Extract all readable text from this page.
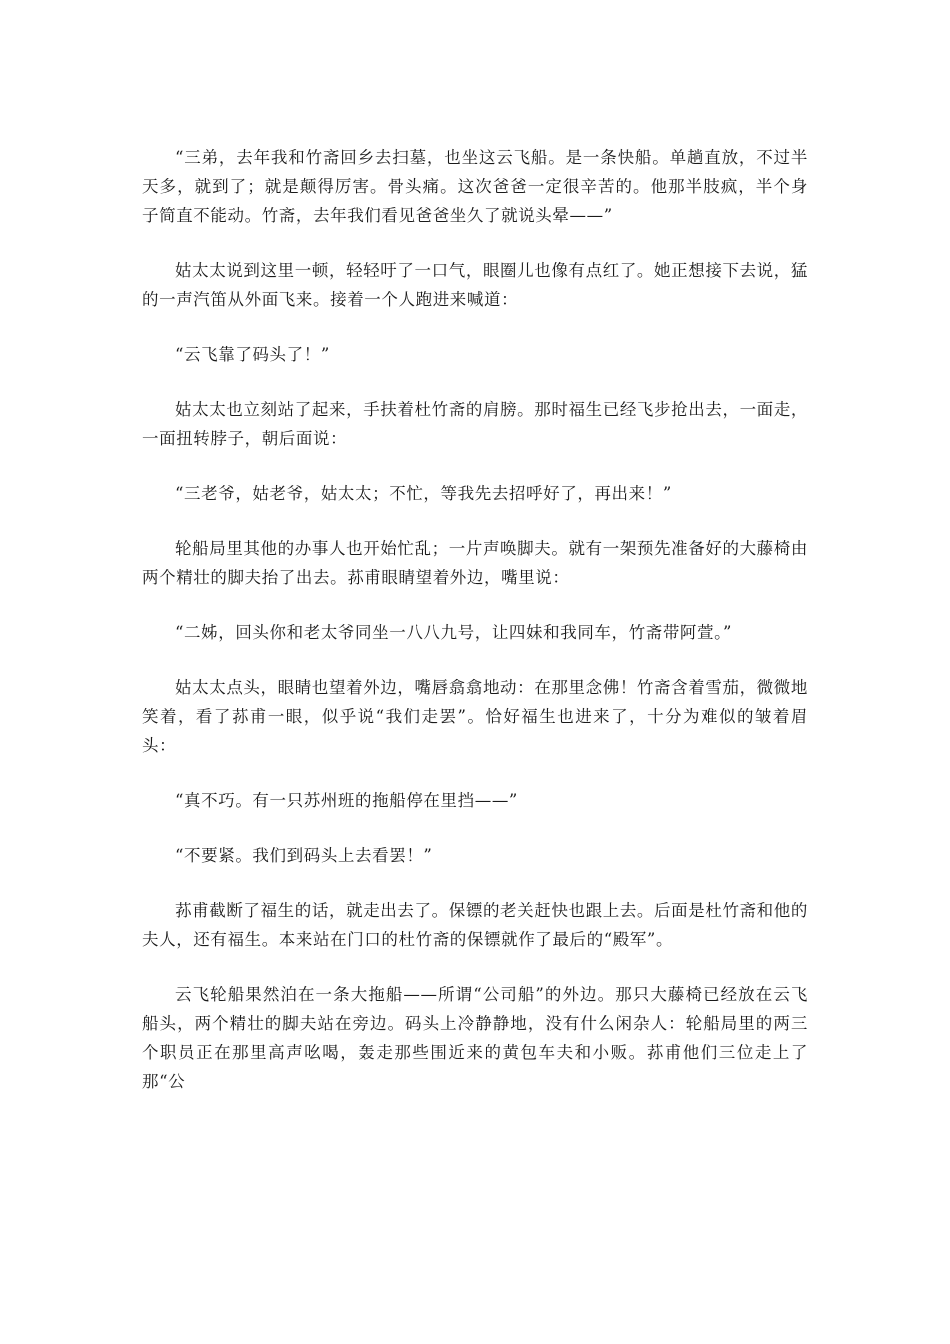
“三弟，去年我和竹斋回乡去扫墓，也坐这云飞船。是一条快船。单趟直放，不过半天多，就到了；就是颠得厉害。骨头痛。这次爸爸一定很辛苦的。他那半肢疯，半个身子简直不能动。竹斋，去年我们看见爸爸坐久了就说头晕——”

姑太太说到这里一顿，轻轻吁了一口气，眼圈儿也像有点红了。她正想接下去说，猛的一声汽笛从外面飞来。接着一个人跑进来喊道：

“云飞靠了码头了！”

姑太太也立刻站了起来，手扶着杜竹斋的肩膀。那时福生已经飞步抢出去，一面走，一面扭转脖子，朝后面说：

“三老爷，姑老爷，姑太太；不忙，等我先去招呼好了，再出来！”

轮船局里其他的办事人也开始忙乱；一片声唤脚夫。就有一架预先准备好的大藤椅由两个精壮的脚夫抬了出去。荪甫眼睛望着外边，嘴里说：

“二姊，回头你和老太爷同坐一八八九号，让四妹和我同车，竹斋带阿萱。”

姑太太点头，眼睛也望着外边，嘴唇翕翕地动：在那里念佛！竹斋含着雪茄，微微地笑着，看了荪甫一眼，似乎说“我们走罢”。恰好福生也进来了，十分为难似的皱着眉头：

“真不巧。有一只苏州班的拖船停在里挡——”

“不要紧。我们到码头上去看罢！”

荪甫截断了福生的话，就走出去了。保镖的老关赶快也跟上去。后面是杜竹斋和他的夫人，还有福生。本来站在门口的杜竹斋的保镖就作了最后的“殿军”。

云飞轮船果然泊在一条大拖船——所谓“公司船”的外边。那只大藤椅已经放在云飞船头，两个精壮的脚夫站在旁边。码头上冷静静地，没有什么闲杂人：轮船局里的两三个职员正在那里高声吆喝，轰走那些围近来的黄包车夫和小贩。荪甫他们三位走上了那“公
